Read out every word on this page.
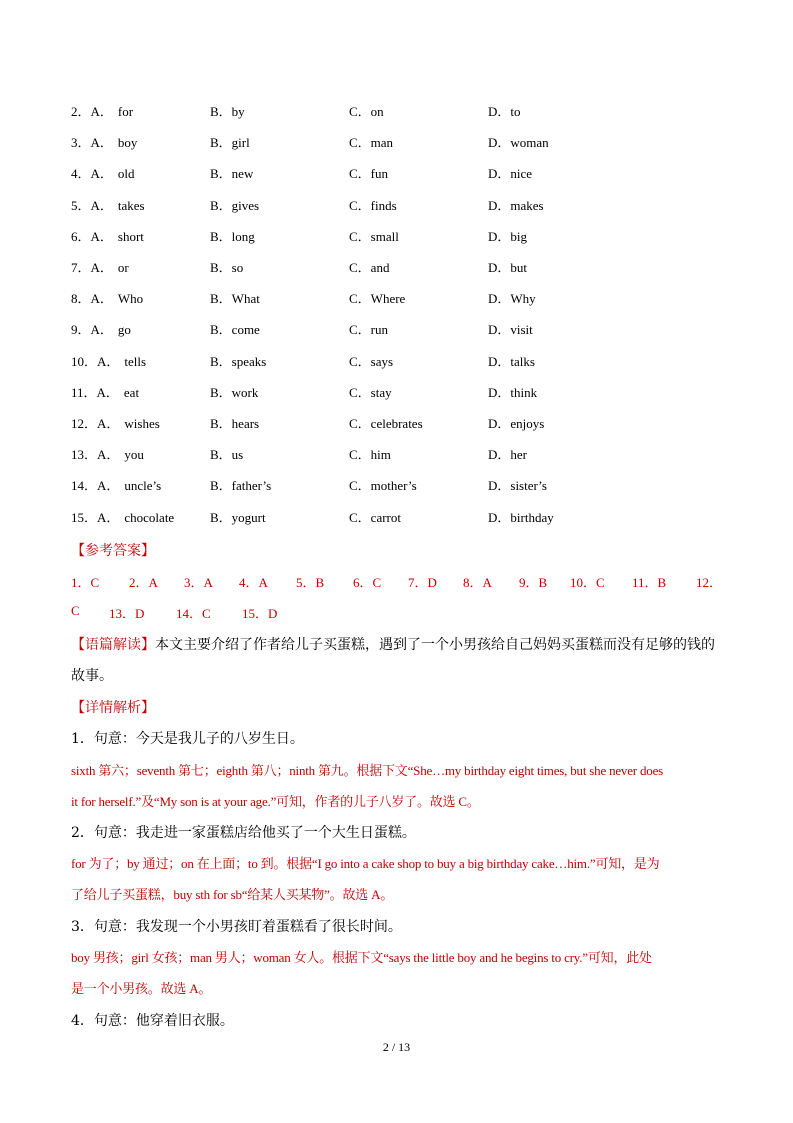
2．A． for	B．by	C．on	D．to
3．A． boy	B．girl	C．man	D．woman
4．A． old	B．new	C．fun	D．nice
5．A． takes	B．gives	C．finds	D．makes
6．A． short	B．long	C．small	D．big
7．A． or	B．so	C．and	D．but
8．A． Who	B．What	C．Where	D．Why
9．A． go	B．come	C．run	D．visit
10．A． tells	B．speaks	C．says	D．talks
11．A． eat	B．work	C．stay	D．think
12．A． wishes	B．hears	C．celebrates	D．enjoys
13．A． you	B．us	C．him	D．her
14．A． uncle’s	B．father’s	C．mother’s	D．sister’s
15．A． chocolate	B．yogurt	C．carrot	D．birthday
【参考答案】
1．C 2．A 3．A 4．A 5．B 6．C 7．D 8．A 9．B 10．C 11．B 12．
C 13．D 14．C 15．D
【语篇解读】本文主要介绍了作者给儿子买蛋糕，遇到了一个小男孩给自己妈妈买蛋糕而没有足够的钱的
故事。
【详情解析】
1．句意：今天是我儿子的八岁生日。
sixth 第六；seventh 第七；eighth 第八；ninth 第九。根据下文“She…my birthday eight times, but she never does
it for herself.”及“My son is at your age.”可知，作者的儿子八岁了。故选 C。
2．句意：我走进一家蛋糕店给他买了一个大生日蛋糕。
for 为了；by 通过；on 在上面；to 到。根据“I go into a cake shop to buy a big birthday cake…him.”可知，是为
了给儿子买蛋糕，buy sth for sb“给某人买某物”。故选 A。
3．句意：我发现一个小男孩盯着蛋糕看了很长时间。
boy 男孩；girl 女孩；man 男人；woman 女人。根据下文“says the little boy and he begins to cry.”可知，此处
是一个小男孩。故选 A。
4．句意：他穿着旧衣服。
2 / 13
